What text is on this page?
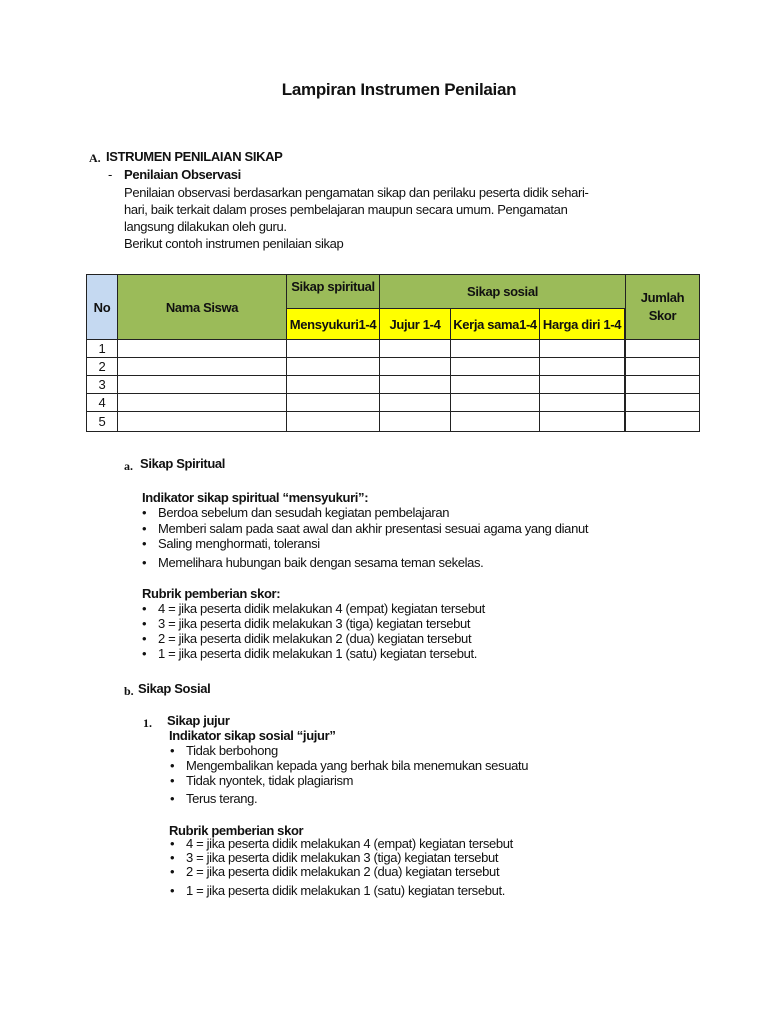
Lampiran Instrumen Penilaian
A. ISTRUMEN PENILAIAN SIKAP
- Penilaian Observasi
Penilaian observasi berdasarkan pengamatan sikap dan perilaku peserta didik sehari-
hari, baik terkait dalam proses pembelajaran maupun secara umum. Pengamatan
langsung dilakukan oleh guru.
Berikut contoh instrumen penilaian sikap
No	Nama Siswa	Sikap spiritual	Sikap sosial			Jumlah
Skor

		Mensyukuri1-4	Jujur 1-4	Kerja sama1-4	Harga diri 1-4	
1							
2							
3							
4							
5							
a. Sikap Spiritual
Indikator sikap spiritual “mensyukuri”:
• Berdoa sebelum dan sesudah kegiatan pembelajaran
• Memberi salam pada saat awal dan akhir presentasi sesuai agama yang dianut
• Saling menghormati, toleransi
• Memelihara hubungan baik dengan sesama teman sekelas.
Rubrik pemberian skor:
• 4 = jika peserta didik melakukan 4 (empat) kegiatan tersebut
• 3 = jika peserta didik melakukan 3 (tiga) kegiatan tersebut
• 2 = jika peserta didik melakukan 2 (dua) kegiatan tersebut
• 1 = jika peserta didik melakukan 1 (satu) kegiatan tersebut.
b. Sikap Sosial
1. Sikap jujur
Indikator sikap sosial “jujur”
• Tidak berbohong
• Mengembalikan kepada yang berhak bila menemukan sesuatu
• Tidak nyontek, tidak plagiarism
• Terus terang.
Rubrik pemberian skor
• 4 = jika peserta didik melakukan 4 (empat) kegiatan tersebut
• 3 = jika peserta didik melakukan 3 (tiga) kegiatan tersebut
• 2 = jika peserta didik melakukan 2 (dua) kegiatan tersebut
• 1 = jika peserta didik melakukan 1 (satu) kegiatan tersebut.
